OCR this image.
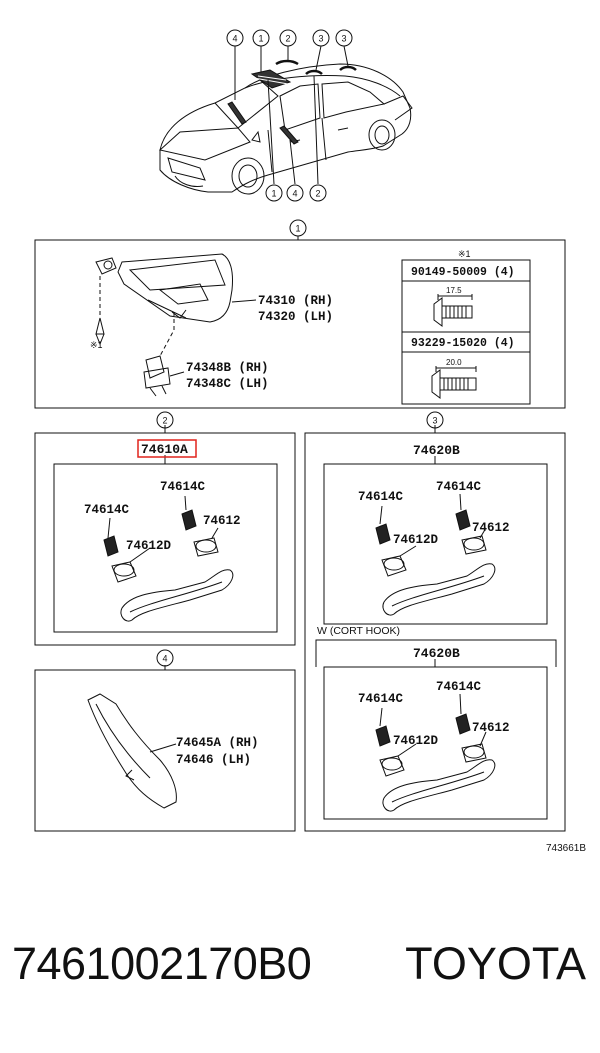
4 1 2	3 3
1 4 2
1
2	3
4
74310 (RH)
74320 (LH)
74348B (RH)
74348C (LH)
※1
※1
90149-50009 (4)
17.5
93229-15020 (4)
20.0
74610A
74614C
74614C
74612D
74612
74620B
74614C
74614C
74612D
74612
W (CORT HOOK)
74620B
74614C
74614C
74612D
74612
74645A (RH)
74646 (LH)
743661B
7461002170B0 TOYOTA
